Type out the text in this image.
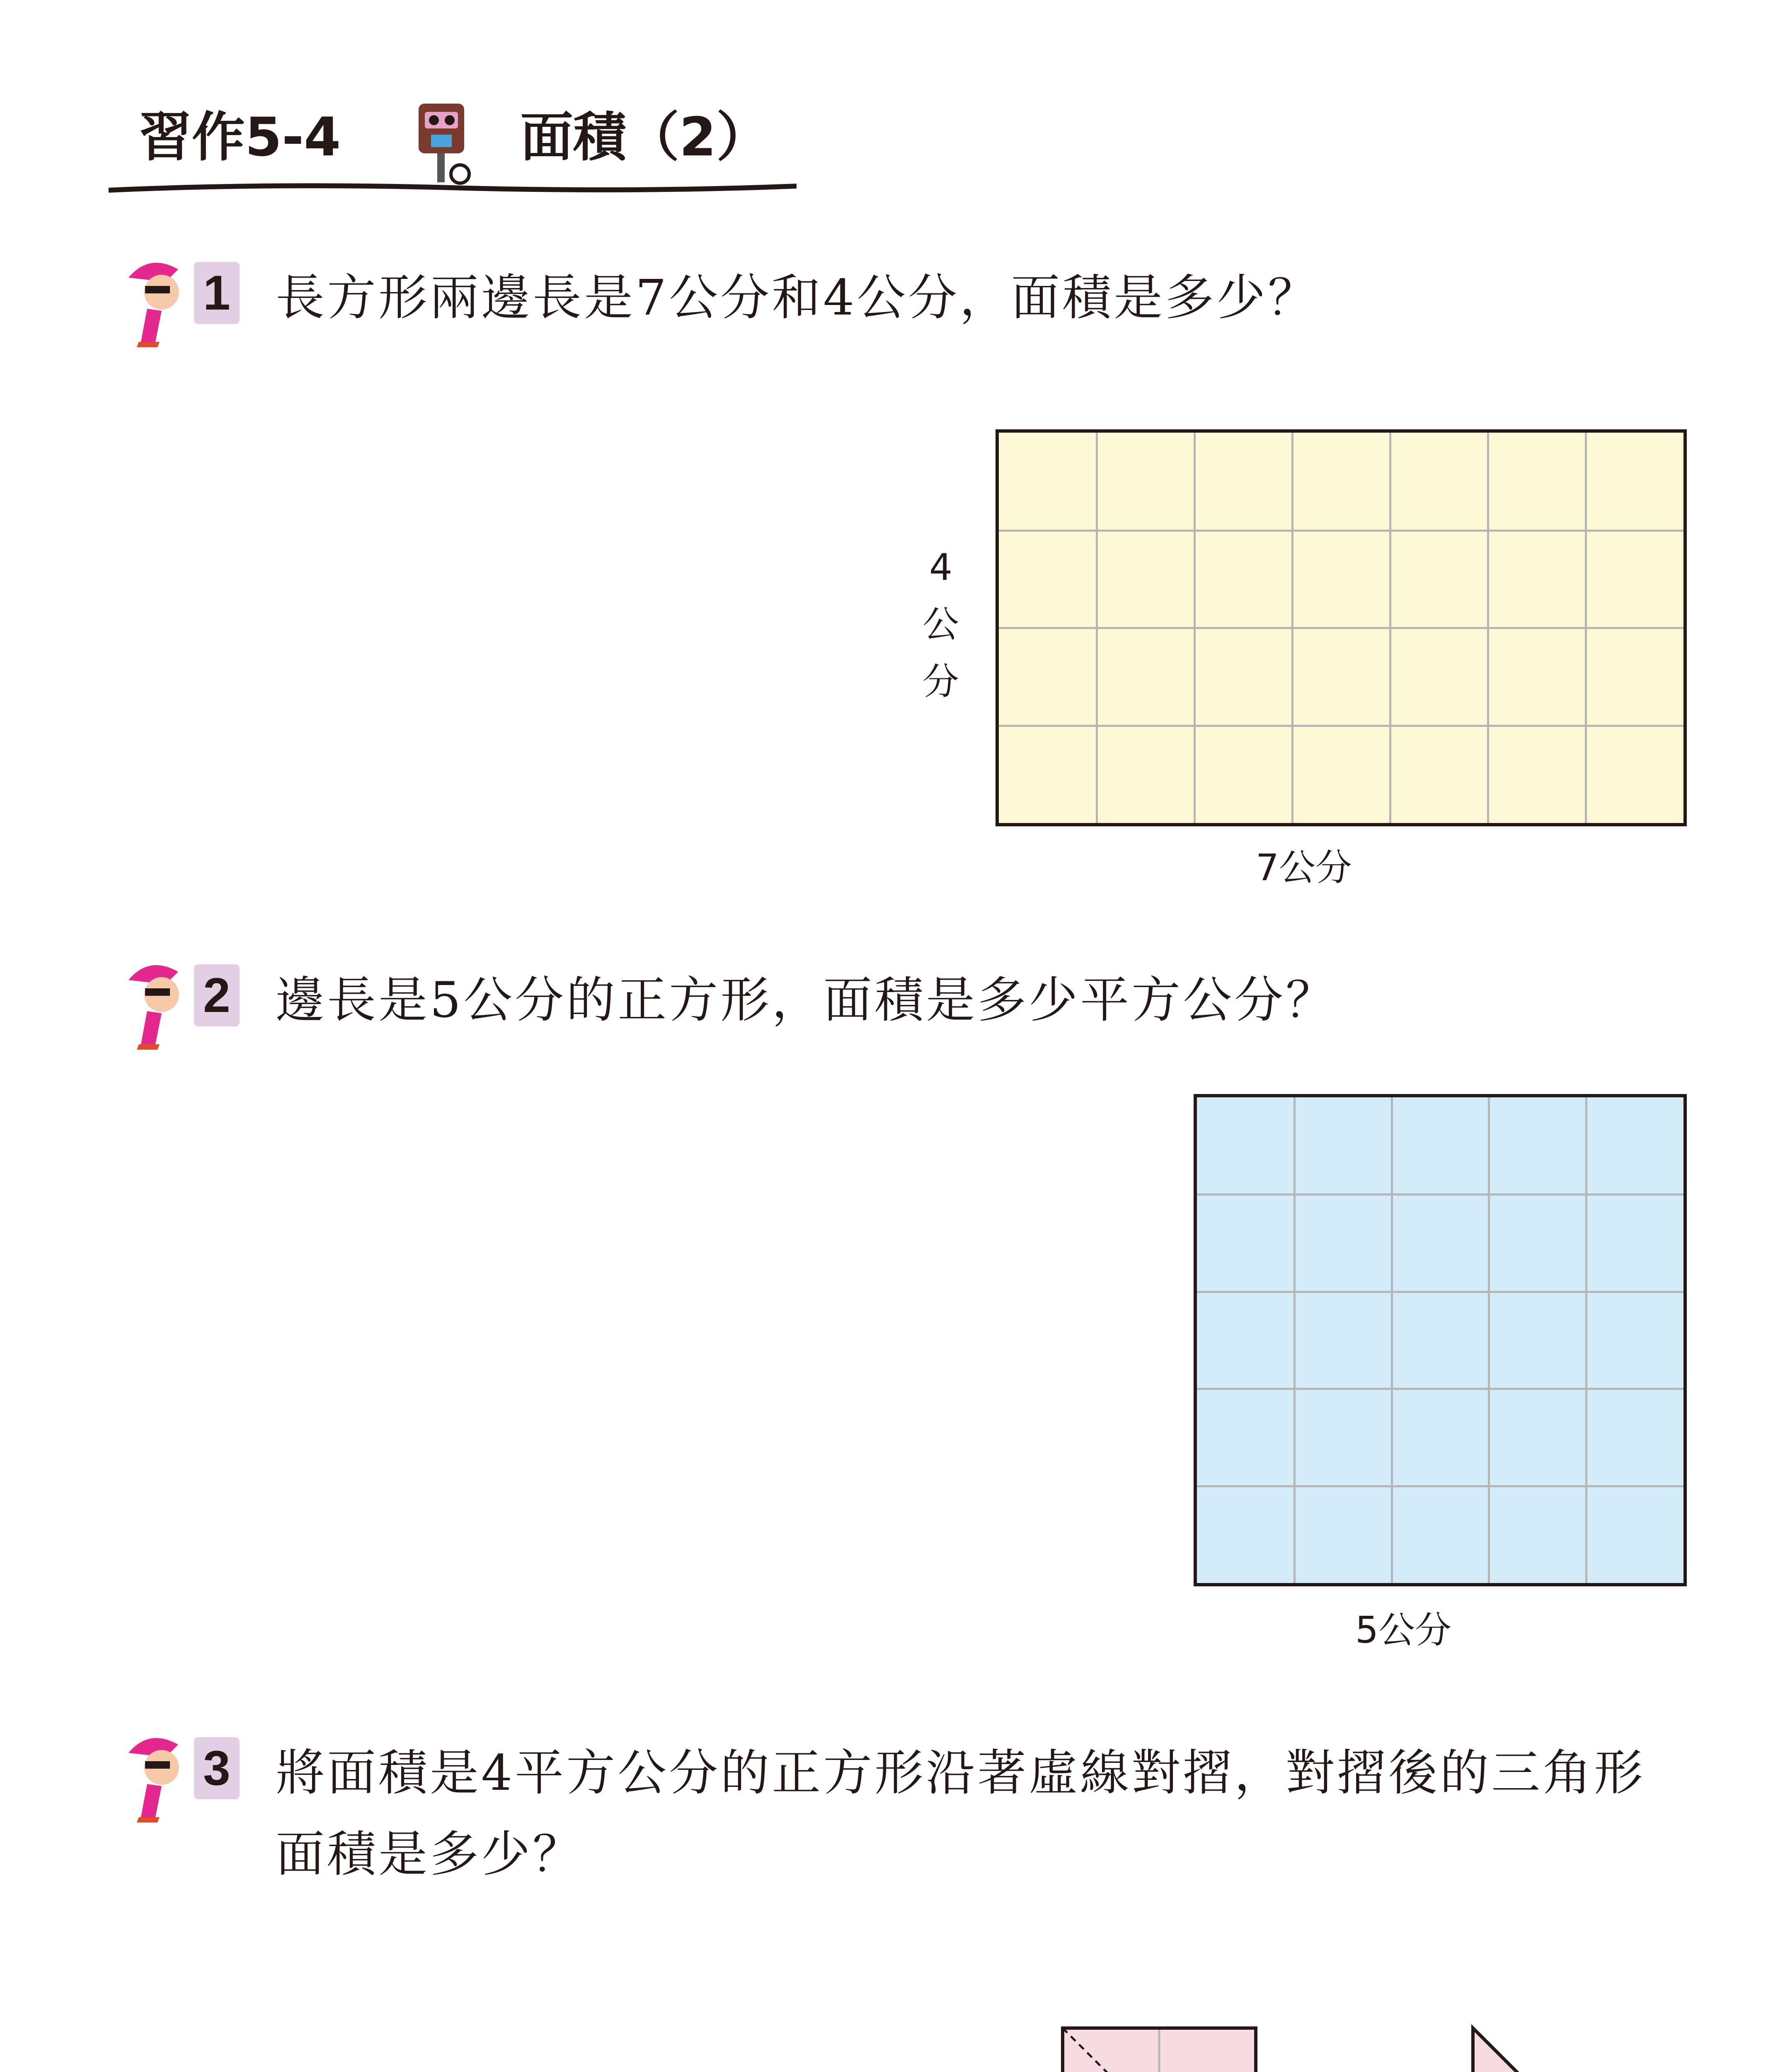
習作5-4	面積（2）
1 長方形兩邊長是7公分和4公分，面積是多少？
4
公
分
7公分
2 邊長是5公分的正方形，面積是多少平方公分？
5公分
3 將面積是4平方公分的正方形沿著虛線對摺，對摺後的三角形面積是多少？
